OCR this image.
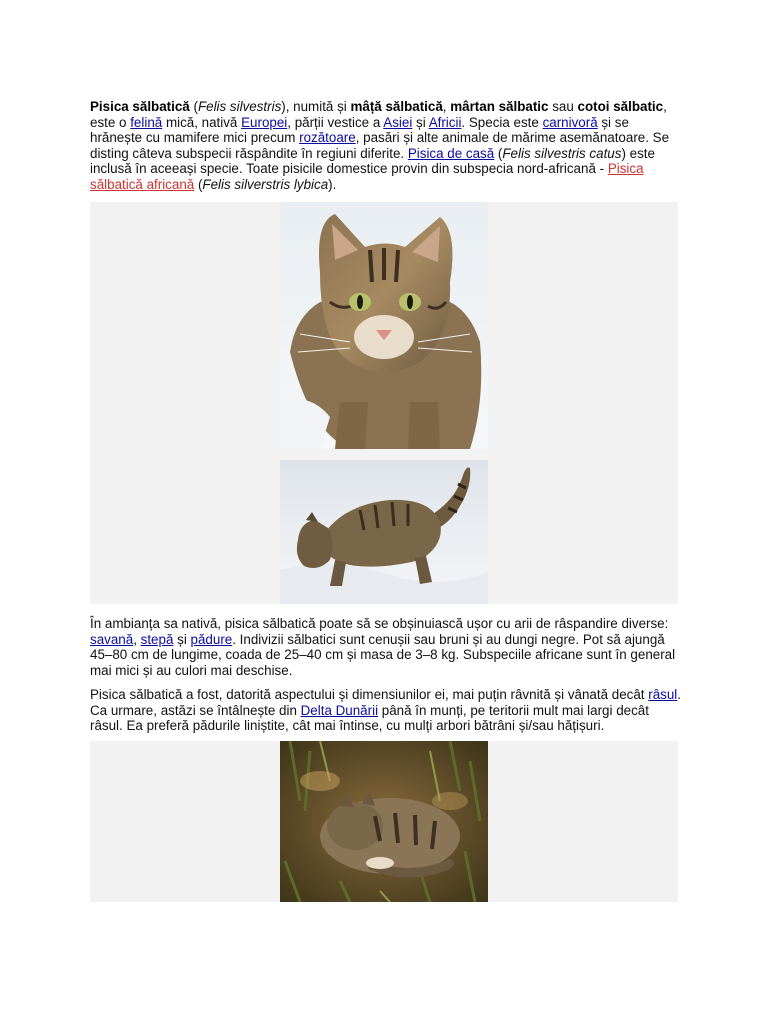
Pisica sălbatică (Felis silvestris), numită și mâță sălbatică, mârtan sălbatic sau cotoi sălbatic, este o felină mică, nativă Europei, părții vestice a Asiei și Africii. Specia este carnivoră și se hrănește cu mamifere mici precum rozătoare, pasări și alte animale de mărime asemănatoare. Se disting câteva subspecii răspândite în regiuni diferite. Pisica de casă (Felis silvestris catus) este inclusă în aceeași specie. Toate pisicile domestice provin din subspecia nord-africană - Pisica sălbatică africană (Felis silverstris lybica).

În ambianța sa nativă, pisica sălbatică poate să se obșinuiască ușor cu arii de râspandire diverse: savană, stepă și pădure. Indivizii sălbatici sunt cenușii sau bruni și au dungi negre. Pot să ajungă 45–80 cm de lungime, coada de 25–40 cm și masa de 3–8 kg. Subspeciile africane sunt în general mai mici și au culori mai deschise.

Pisica sălbatică a fost, datorită aspectului și dimensiunilor ei, mai puțin râvnită și vânată decât râsul. Ca urmare, astăzi se întâlnește din Delta Dunării până în munți, pe teritorii mult mai largi decât râsul. Ea preferă pădurile liniștite, cât mai întinse, cu mulți arbori bătrâni și/sau hățișuri.
